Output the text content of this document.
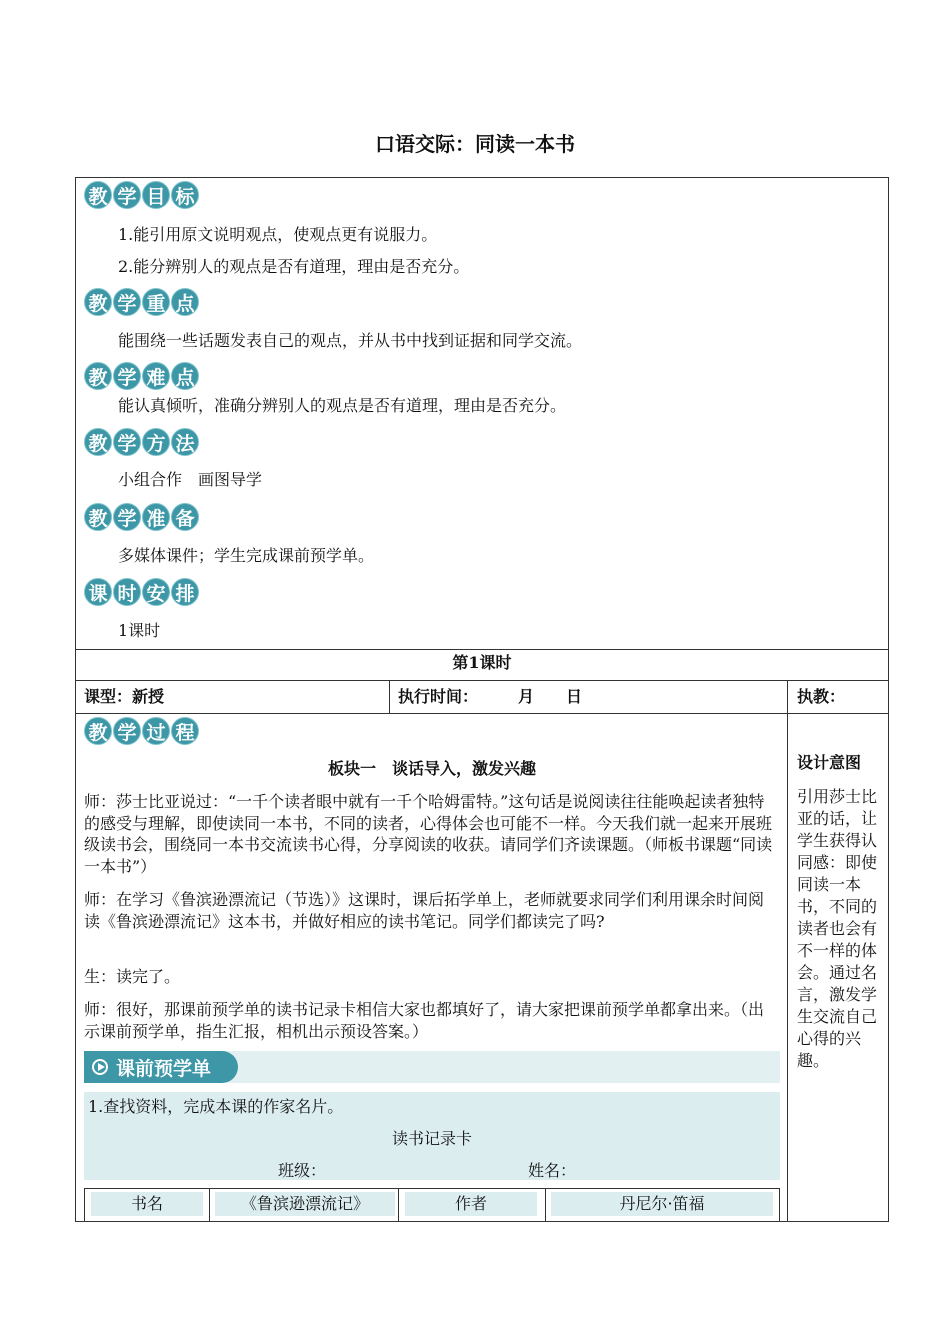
口语交际：同读一本书
教 学 目 标
1.能引用原文说明观点，使观点更有说服力。
2.能分辨别人的观点是否有道理，理由是否充分。
教 学 重 点
能围绕一些话题发表自己的观点，并从书中找到证据和同学交流。
教 学 难 点
能认真倾听，准确分辨别人的观点是否有道理，理由是否充分。
教 学 方 法
小组合作　画图导学
教 学 准 备
多媒体课件；学生完成课前预学单。
课 时 安 排
1课时
第1课时
课型：新授	执行时间：　　　月　　日	执教：
教 学 过 程
板块一　谈话导入，激发兴趣
师：莎士比亚说过：“一千个读者眼中就有一千个哈姆雷特。”这句话是说阅读往往能唤起读者独特的感受与理解，即使读同一本书，不同的读者，心得体会也可能不一样。今天我们就一起来开展班级读书会，围绕同一本书交流读书心得，分享阅读的收获。请同学们齐读课题。（师板书课题“同读一本书”）
师：在学习《鲁滨逊漂流记（节选）》这课时，课后拓学单上，老师就要求同学们利用课余时间阅读《鲁滨逊漂流记》这本书，并做好相应的读书笔记。同学们都读完了吗?
生：读完了。
师：很好，那课前预学单的读书记录卡相信大家也都填好了，请大家把课前预学单都拿出来。（出示课前预学单，指生汇报，相机出示预设答案。）
设计意图
引用莎士比亚的话，让学生获得认同感：即使同读一本书，不同的读者也会有不一样的体会。通过名言，激发学生交流自己心得的兴趣。
课前预学单
1.查找资料，完成本课的作家名片。
读书记录卡
班级：	姓名：
书名	《鲁滨逊漂流记》	作者	丹尼尔·笛福
